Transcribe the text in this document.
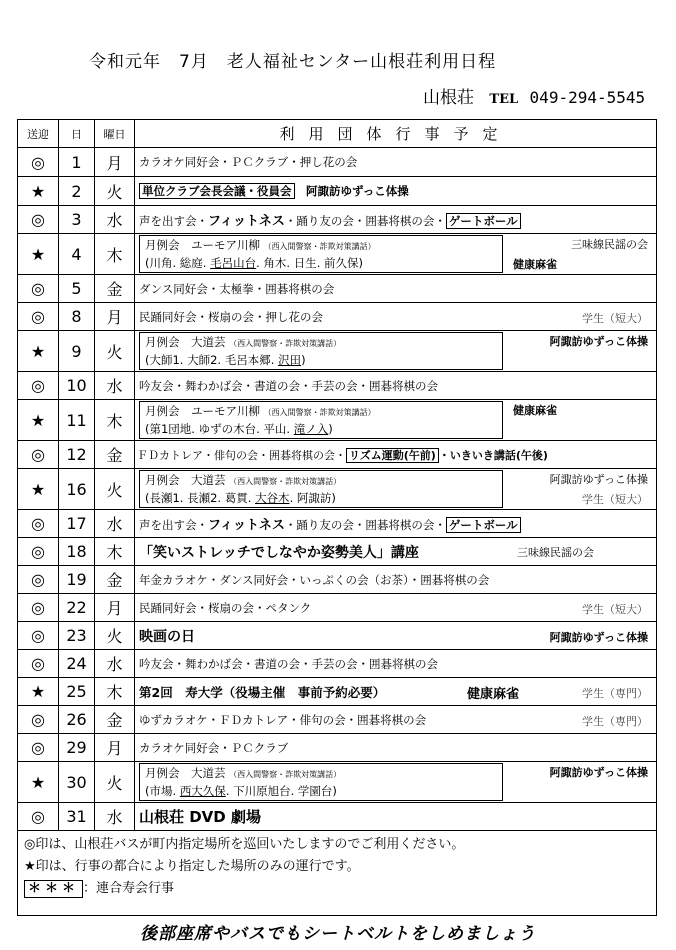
令和元年　7月　老人福祉センター山根荘利用日程
山根荘 TEL 049-294-5545
送迎	日	曜日	利用団体行事予定
◎	1	月	カラオケ同好会・ＰＣクラブ・押し花の会
★	2	火	単位クラブ会長会議・役員会　 阿諏訪ゆずっこ体操
◎	3	水	声を出す会・フィットネス・踊り友の会・囲碁将棋の会・ ゲートボール
★	4	木	月例会　ユーモア川柳 （西入間警察・詐欺対策講話）
(川角. 総庭. 毛呂山台. 角木. 日生. 前久保)
三味線民謡の会
健康麻雀

◎	5	金	ダンス同好会・太極拳・囲碁将棋の会
◎	8	月	民踊同好会・桜扇の会・押し花の会 学生（短大）

★	9	火	月例会　大道芸 （西入間警察・詐欺対策講話）
(大師1. 大師2. 毛呂本郷. 沢田)
阿諏訪ゆずっこ体操

◎	10	水	吟友会・舞わかば会・書道の会・手芸の会・囲碁将棋の会
★	11	木	月例会　ユーモア川柳 （西入間警察・詐欺対策講話）
(第1団地. ゆずの木台. 平山. 滝ノ入)
健康麻雀

◎	12	金	ＦＤカトレア・俳句の会・囲碁将棋の会・ リズム運動(午前) ・いきいき講話(午後)
★	16	火	月例会　大道芸 （西入間警察・詐欺対策講話）
(長瀬1. 長瀬2. 葛貫. 大谷木. 阿諏訪)
阿諏訪ゆずっこ体操
学生（短大）

◎	17	水	声を出す会・フィットネス・踊り友の会・囲碁将棋の会・ ゲートボール
◎	18	木	「笑いストレッチでしなやか姿勢美人」講座 三味線民謡の会

◎	19	金	年金カラオケ・ダンス同好会・いっぷくの会（お茶）・囲碁将棋の会
◎	22	月	民踊同好会・桜扇の会・ペタンク 学生（短大）

◎	23	火	映画の日 阿諏訪ゆずっこ体操

◎	24	水	吟友会・舞わかば会・書道の会・手芸の会・囲碁将棋の会
★	25	木	第2回　寿大学（役場主催　事前予約必要） 健康麻雀 学生（専門）

◎	26	金	ゆずカラオケ・ＦＤカトレア・俳句の会・囲碁将棋の会 学生（専門）

◎	29	月	カラオケ同好会・ＰＣクラブ
★	30	火	月例会　大道芸 （西入間警察・詐欺対策講話）
(市場. 西大久保. 下川原旭台. 学園台)
阿諏訪ゆずっこ体操

◎	31	水	山根荘 DVD 劇場

◎印は、山根荘バスが町内指定場所を巡回いたしますのでご利用ください。
★印は、行事の都合により指定した場所のみの運行です。
＊＊＊ ：連合寿会行事			
後部座席やバスでもシートベルトをしめましょう
